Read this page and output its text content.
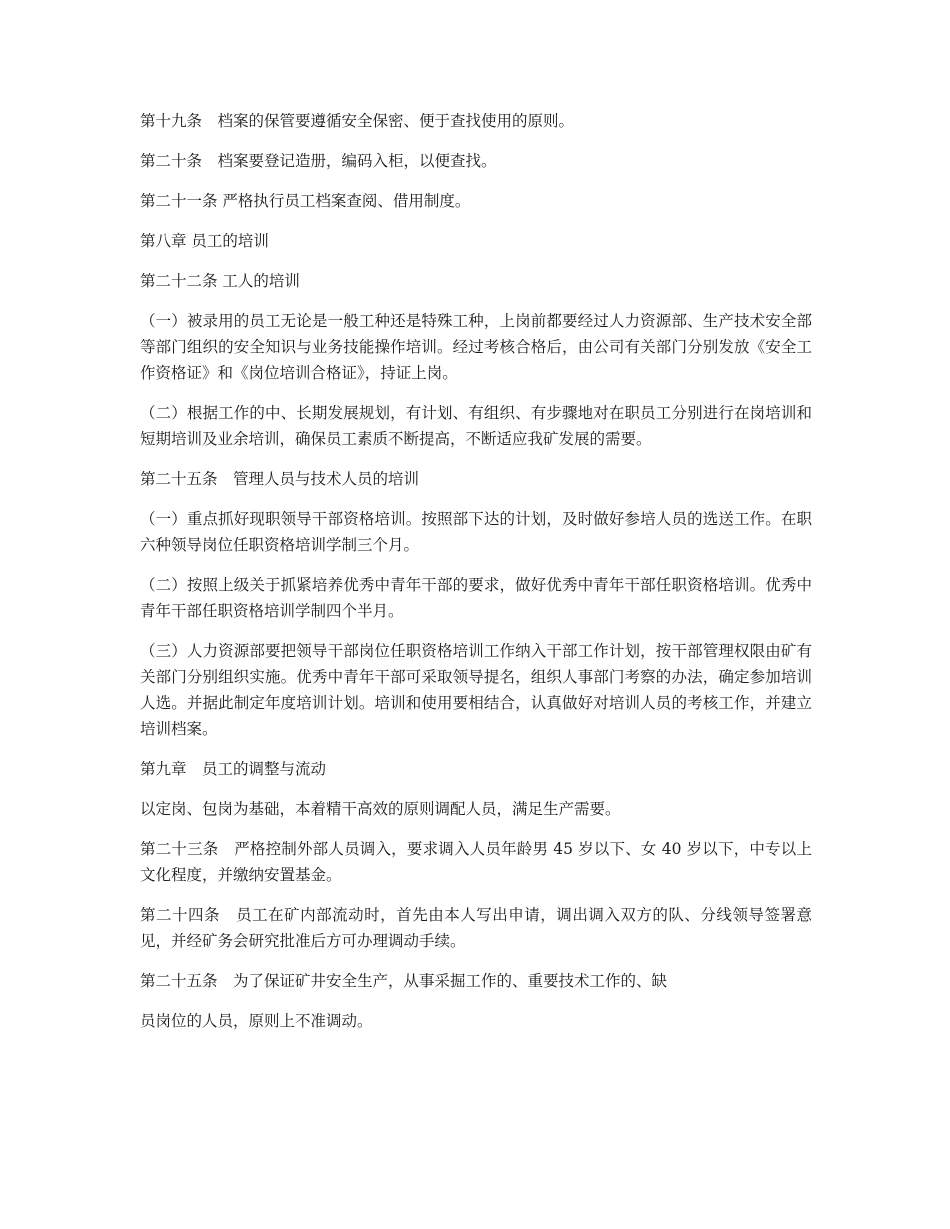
第十九条　档案的保管要遵循安全保密、便于查找使用的原则。

第二十条　档案要登记造册，编码入柜，以便查找。

第二十一条 严格执行员工档案查阅、借用制度。

第八章 员工的培训

第二十二条 工人的培训

（一）被录用的员工无论是一般工种还是特殊工种，上岗前都要经过人力资源部、生产技术安全部等部门组织的安全知识与业务技能操作培训。经过考核合格后，由公司有关部门分别发放《安全工作资格证》和《岗位培训合格证》，持证上岗。

（二）根据工作的中、长期发展规划，有计划、有组织、有步骤地对在职员工分别进行在岗培训和短期培训及业余培训，确保员工素质不断提高，不断适应我矿发展的需要。

第二十五条　管理人员与技术人员的培训

（一）重点抓好现职领导干部资格培训。按照部下达的计划，及时做好参培人员的选送工作。在职六种领导岗位任职资格培训学制三个月。

（二）按照上级关于抓紧培养优秀中青年干部的要求，做好优秀中青年干部任职资格培训。优秀中青年干部任职资格培训学制四个半月。

（三）人力资源部要把领导干部岗位任职资格培训工作纳入干部工作计划，按干部管理权限由矿有关部门分别组织实施。优秀中青年干部可采取领导提名，组织人事部门考察的办法，确定参加培训人选。并据此制定年度培训计划。培训和使用要相结合，认真做好对培训人员的考核工作，并建立培训档案。

第九章　员工的调整与流动

以定岗、包岗为基础，本着精干高效的原则调配人员，满足生产需要。

第二十三条　严格控制外部人员调入，要求调入人员年龄男 45 岁以下、女 40 岁以下，中专以上文化程度，并缴纳安置基金。

第二十四条　员工在矿内部流动时，首先由本人写出申请，调出调入双方的队、分线领导签署意见，并经矿务会研究批准后方可办理调动手续。

第二十五条　为了保证矿井安全生产，从事采掘工作的、重要技术工作的、缺

员岗位的人员，原则上不准调动。
